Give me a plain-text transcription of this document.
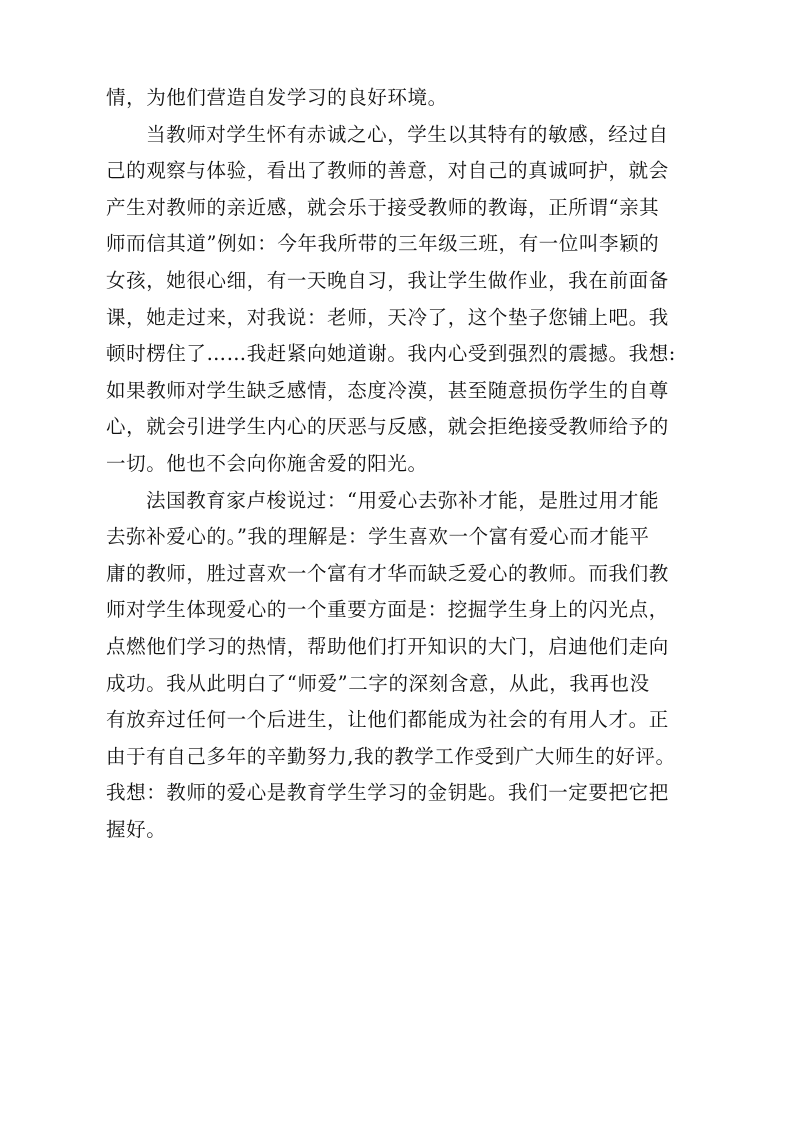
情，为他们营造自发学习的良好环境。
当教师对学生怀有赤诚之心，学生以其特有的敏感，经过自
己的观察与体验，看出了教师的善意，对自己的真诚呵护，就会
产生对教师的亲近感，就会乐于接受教师的教诲，正所谓“亲其
师而信其道”例如：今年我所带的三年级三班，有一位叫李颖的
女孩，她很心细，有一天晚自习，我让学生做作业，我在前面备
课，她走过来，对我说：老师，天冷了，这个垫子您铺上吧。我
顿时楞住了……我赶紧向她道谢。我内心受到强烈的震撼。我想:
如果教师对学生缺乏感情，态度冷漠，甚至随意损伤学生的自尊
心，就会引进学生内心的厌恶与反感，就会拒绝接受教师给予的
一切。他也不会向你施舍爱的阳光。
法国教育家卢梭说过：“用爱心去弥补才能，是胜过用才能
去弥补爱心的。”我的理解是：学生喜欢一个富有爱心而才能平
庸的教师，胜过喜欢一个富有才华而缺乏爱心的教师。而我们教
师对学生体现爱心的一个重要方面是：挖掘学生身上的闪光点，
点燃他们学习的热情，帮助他们打开知识的大门，启迪他们走向
成功。我从此明白了“师爱”二字的深刻含意，从此，我再也没
有放弃过任何一个后进生，让他们都能成为社会的有用人才。正
由于有自己多年的辛勤努力,我的教学工作受到广大师生的好评。
我想：教师的爱心是教育学生学习的金钥匙。我们一定要把它把
握好。
